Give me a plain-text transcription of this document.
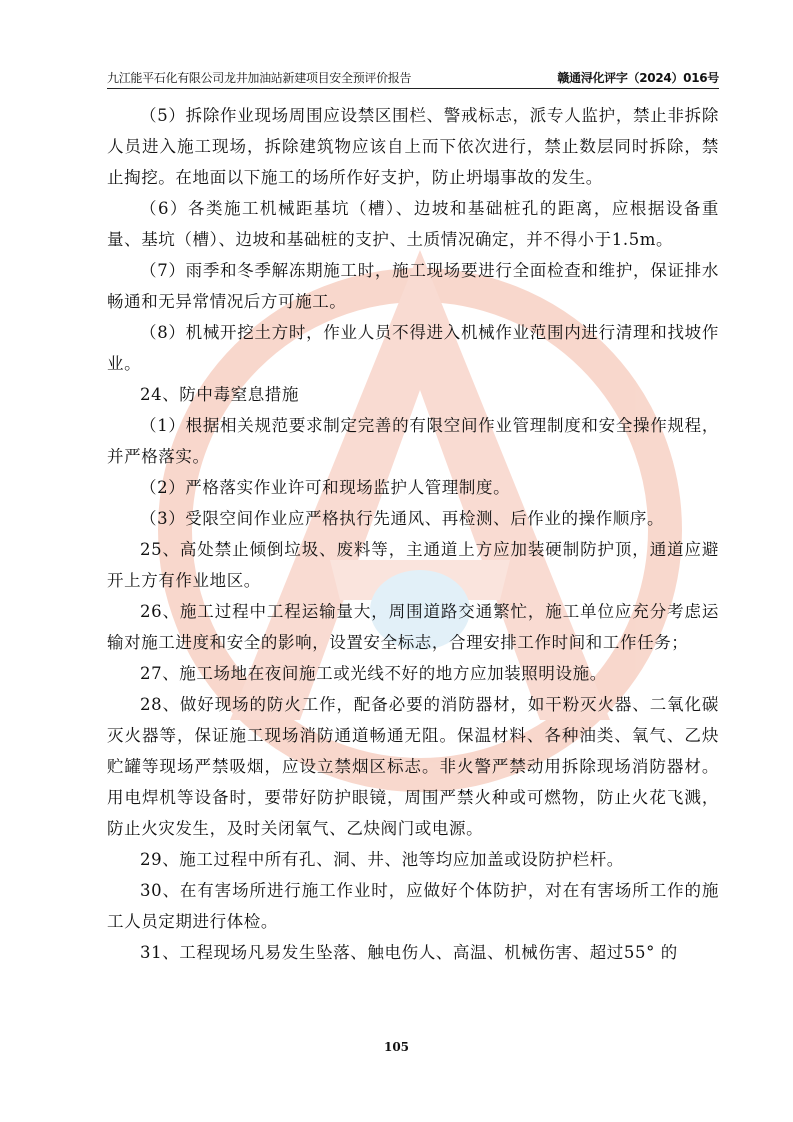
九江能平石化有限公司龙井加油站新建项目安全预评价报告	赣通浔化评字（2024）016号

（5）拆除作业现场周围应设禁区围栏、警戒标志，派专人监护，禁止非拆除人员进入施工现场，拆除建筑物应该自上而下依次进行，禁止数层同时拆除，禁止掏挖。在地面以下施工的场所作好支护，防止坍塌事故的发生。

（6）各类施工机械距基坑（槽）、边坡和基础桩孔的距离，应根据设备重量、基坑（槽）、边坡和基础桩的支护、土质情况确定，并不得小于1.5m。

（7）雨季和冬季解冻期施工时，施工现场要进行全面检查和维护，保证排水畅通和无异常情况后方可施工。

（8）机械开挖土方时，作业人员不得进入机械作业范围内进行清理和找坡作业。

24、防中毒窒息措施

（1）根据相关规范要求制定完善的有限空间作业管理制度和安全操作规程，并严格落实。

（2）严格落实作业许可和现场监护人管理制度。

（3）受限空间作业应严格执行先通风、再检测、后作业的操作顺序。

25、高处禁止倾倒垃圾、废料等，主通道上方应加装硬制防护顶，通道应避开上方有作业地区。

26、施工过程中工程运输量大，周围道路交通繁忙，施工单位应充分考虑运输对施工进度和安全的影响，设置安全标志，合理安排工作时间和工作任务；

27、施工场地在夜间施工或光线不好的地方应加装照明设施。

28、做好现场的防火工作，配备必要的消防器材，如干粉灭火器、二氧化碳灭火器等，保证施工现场消防通道畅通无阻。保温材料、各种油类、氧气、乙炔贮罐等现场严禁吸烟，应设立禁烟区标志。非火警严禁动用拆除现场消防器材。用电焊机等设备时，要带好防护眼镜，周围严禁火种或可燃物，防止火花飞溅，防止火灾发生，及时关闭氧气、乙炔阀门或电源。

29、施工过程中所有孔、洞、井、池等均应加盖或设防护栏杆。

30、在有害场所进行施工作业时，应做好个体防护，对在有害场所工作的施工人员定期进行体检。

31、工程现场凡易发生坠落、触电伤人、高温、机械伤害、超过55° 的

105
